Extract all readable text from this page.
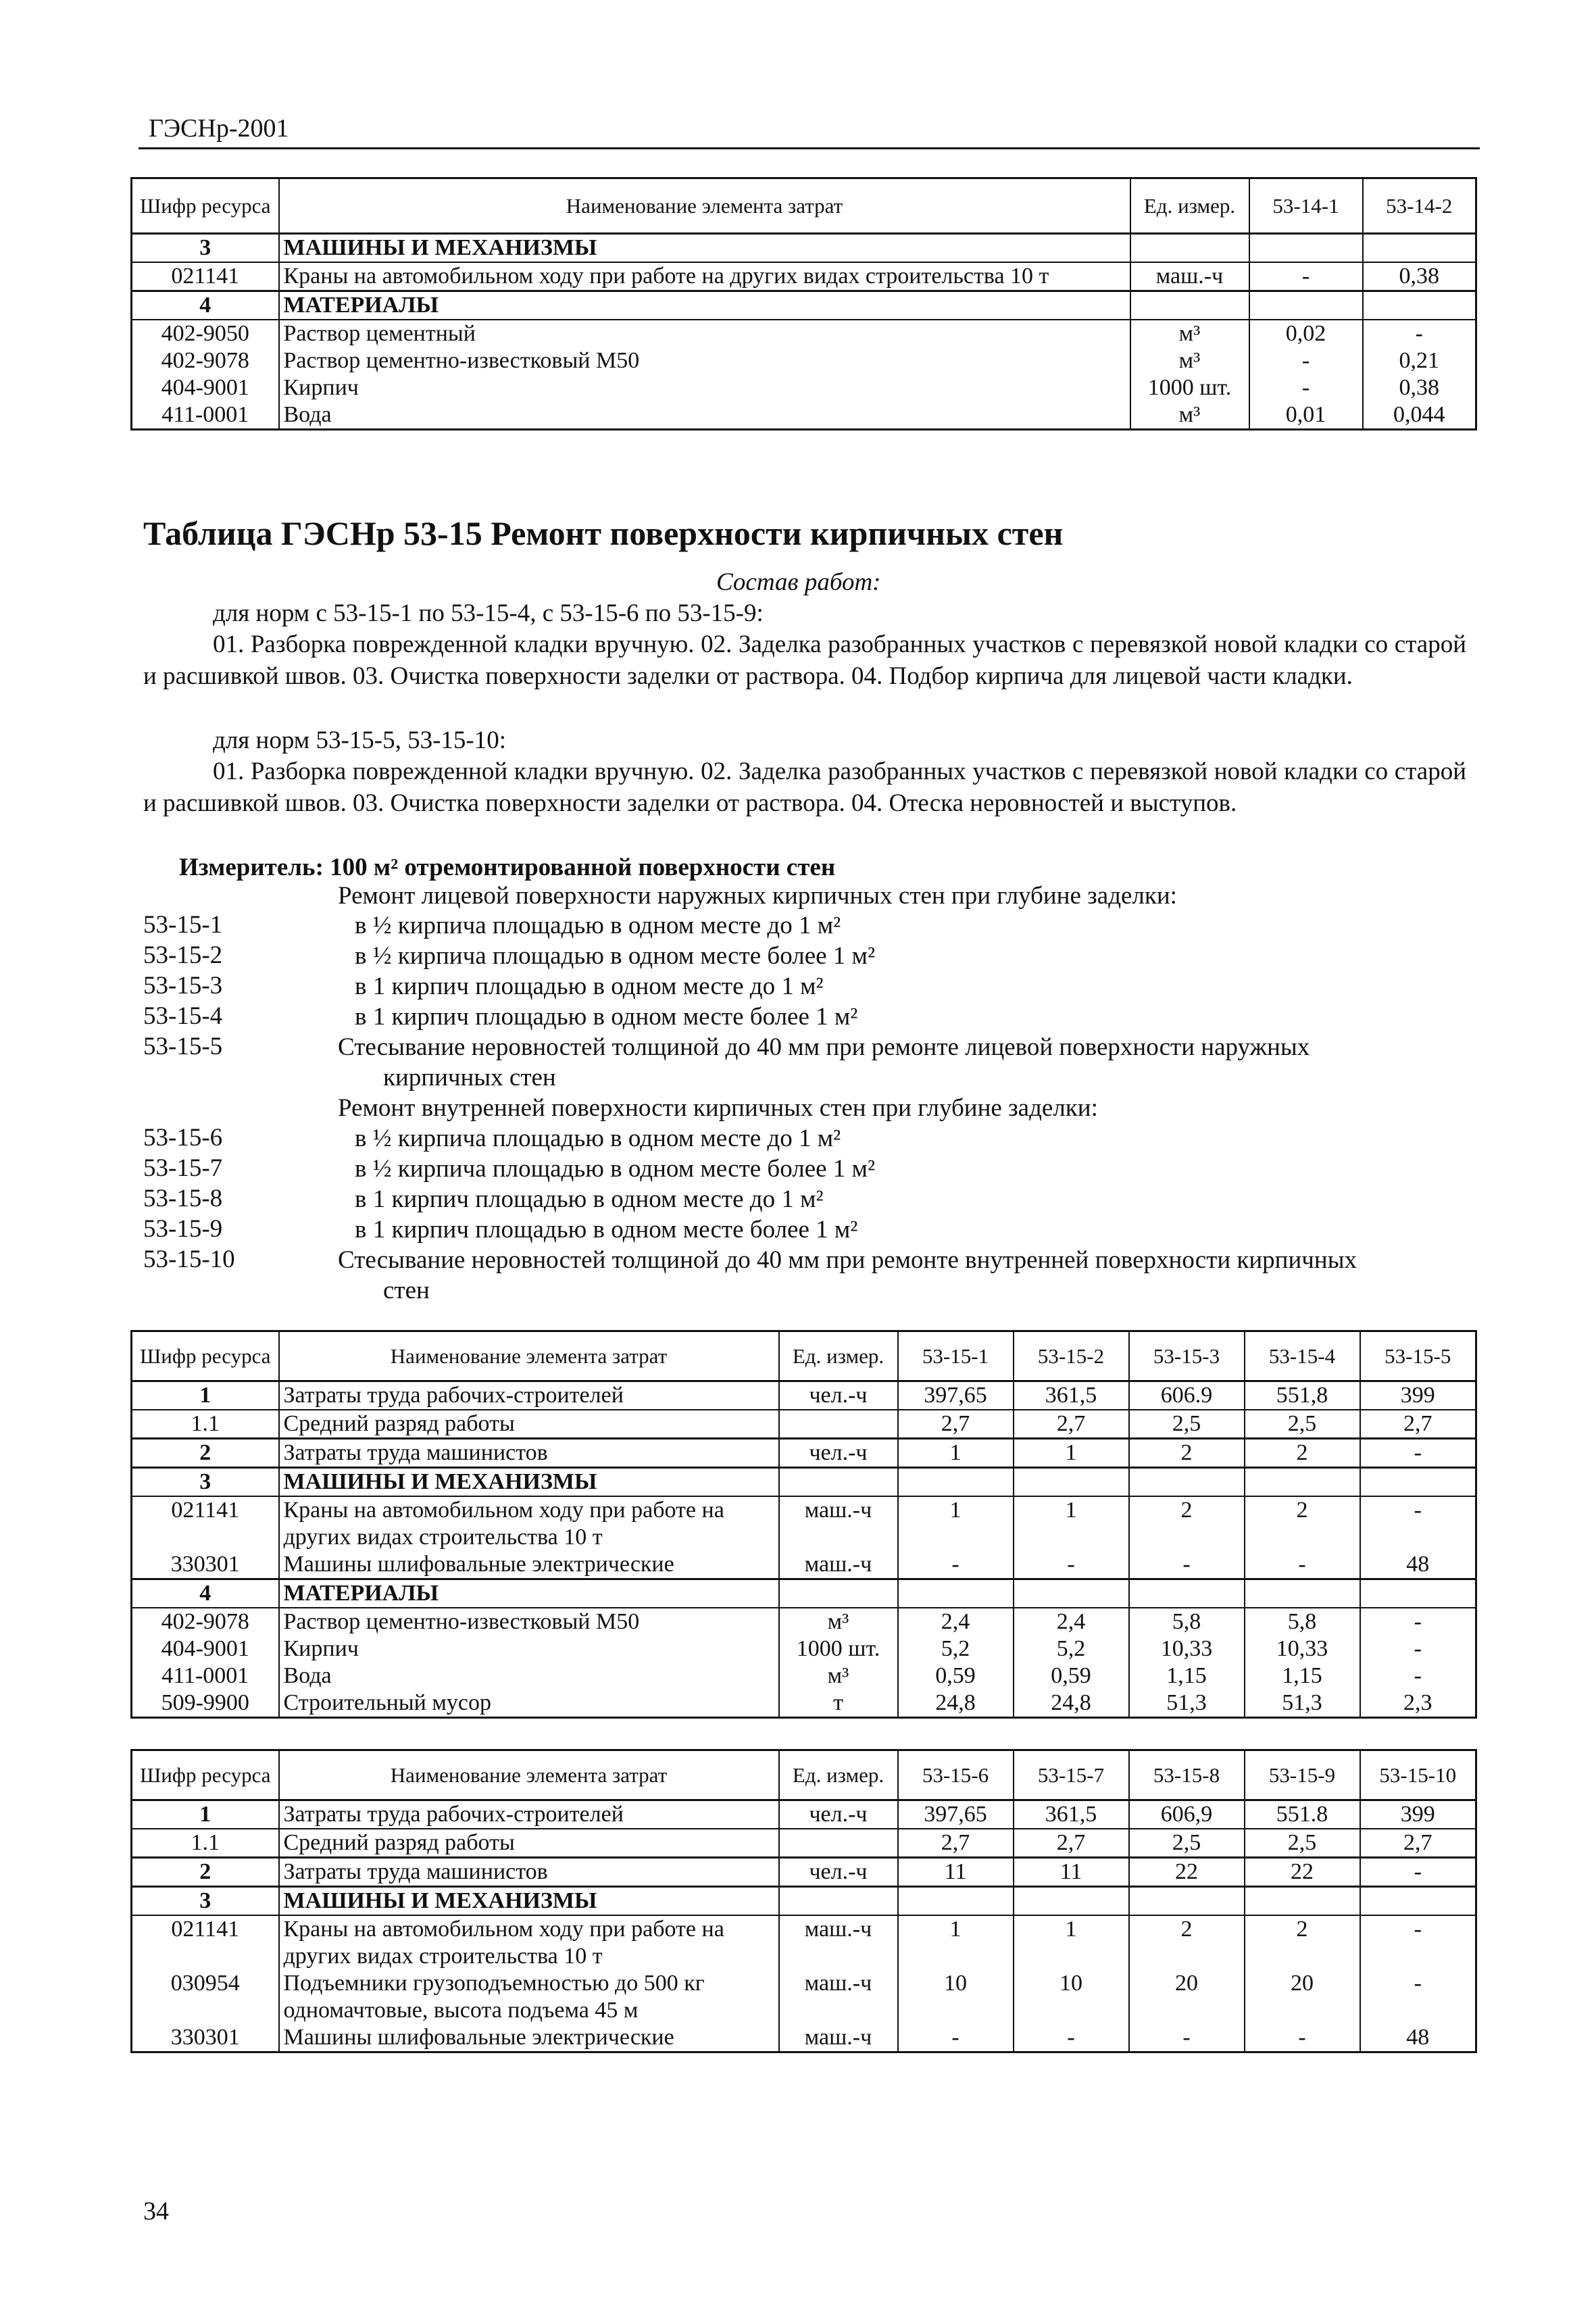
ГЭСНр-2001
Шифр ресурса	Наименование элемента затрат	Ед. измер.	53-14-1	53-14-2
3	МАШИНЫ И МЕХАНИЗМЫ			
021141	Краны на автомобильном ходу при работе на других видах строительства 10 т	маш.-ч	-	0,38
4	МАТЕРИАЛЫ			
402-9050	Раствор цементный	м³	0,02	-
402-9078	Раствор цементно-известковый М50	м³	-	0,21
404-9001	Кирпич	1000 шт.	-	0,38
411-0001	Вода	м³	0,01	0,044
Таблица ГЭСНр 53-15 Ремонт поверхности кирпичных стен
Состав работ:
для норм с 53-15-1 по 53-15-4, с 53-15-6 по 53-15-9:
01. Разборка поврежденной кладки вручную. 02. Заделка разобранных участков с перевязкой новой кладки со старой и расшивкой швов. 03. Очистка поверхности заделки от раствора. 04. Подбор кирпича для лицевой части кладки.
для норм 53-15-5, 53-15-10:
01. Разборка поврежденной кладки вручную. 02. Заделка разобранных участков с перевязкой новой кладки со старой и расшивкой швов. 03. Очистка поверхности заделки от раствора. 04. Отеска неровностей и выступов.
Измеритель: 100 м² отремонтированной поверхности стен
Ремонт лицевой поверхности наружных кирпичных стен при глубине заделки:
53-15-1	в ½ кирпича площадью в одном месте до 1 м²
53-15-2	в ½ кирпича площадью в одном месте более 1 м²
53-15-3	в 1 кирпич площадью в одном месте до 1 м²
53-15-4	в 1 кирпич площадью в одном месте более 1 м²
53-15-5	Стесывание неровностей толщиной до 40 мм при ремонте лицевой поверхности наружных
кирпичных стен
Ремонт внутренней поверхности кирпичных стен при глубине заделки:
53-15-6	в ½ кирпича площадью в одном месте до 1 м²
53-15-7	в ½ кирпича площадью в одном месте более 1 м²
53-15-8	в 1 кирпич площадью в одном месте до 1 м²
53-15-9	в 1 кирпич площадью в одном месте более 1 м²
53-15-10	Стесывание неровностей толщиной до 40 мм при ремонте внутренней поверхности кирпичных
стен
Шифр ресурса	Наименование элемента затрат	Ед. измер.	53-15-1	53-15-2	53-15-3	53-15-4	53-15-5
1	Затраты труда рабочих-строителей	чел.-ч	397,65	361,5	606.9	551,8	399
1.1	Средний разряд работы		2,7	2,7	2,5	2,5	2,7
2	Затраты труда машинистов	чел.-ч	1	1	2	2	-
3	МАШИНЫ И МЕХАНИЗМЫ						
021141	Краны на автомобильном ходу при работе на других видах строительства 10 т	маш.-ч	1	1	2	2	-
330301	Машины шлифовальные электрические	маш.-ч	-	-	-	-	48
4	МАТЕРИАЛЫ						
402-9078	Раствор цементно-известковый М50	м³	2,4	2,4	5,8	5,8	-
404-9001	Кирпич	1000 шт.	5,2	5,2	10,33	10,33	-
411-0001	Вода	м³	0,59	0,59	1,15	1,15	-
509-9900	Строительный мусор	т	24,8	24,8	51,3	51,3	2,3
Шифр ресурса	Наименование элемента затрат	Ед. измер.	53-15-6	53-15-7	53-15-8	53-15-9	53-15-10
1	Затраты труда рабочих-строителей	чел.-ч	397,65	361,5	606,9	551.8	399
1.1	Средний разряд работы		2,7	2,7	2,5	2,5	2,7
2	Затраты труда машинистов	чел.-ч	11	11	22	22	-
3	МАШИНЫ И МЕХАНИЗМЫ						
021141	Краны на автомобильном ходу при работе на других видах строительства 10 т	маш.-ч	1	1	2	2	-
030954	Подъемники грузоподъемностью до 500 кг одномачтовые, высота подъема 45 м	маш.-ч	10	10	20	20	-
330301	Машины шлифовальные электрические	маш.-ч	-	-	-	-	48
34
